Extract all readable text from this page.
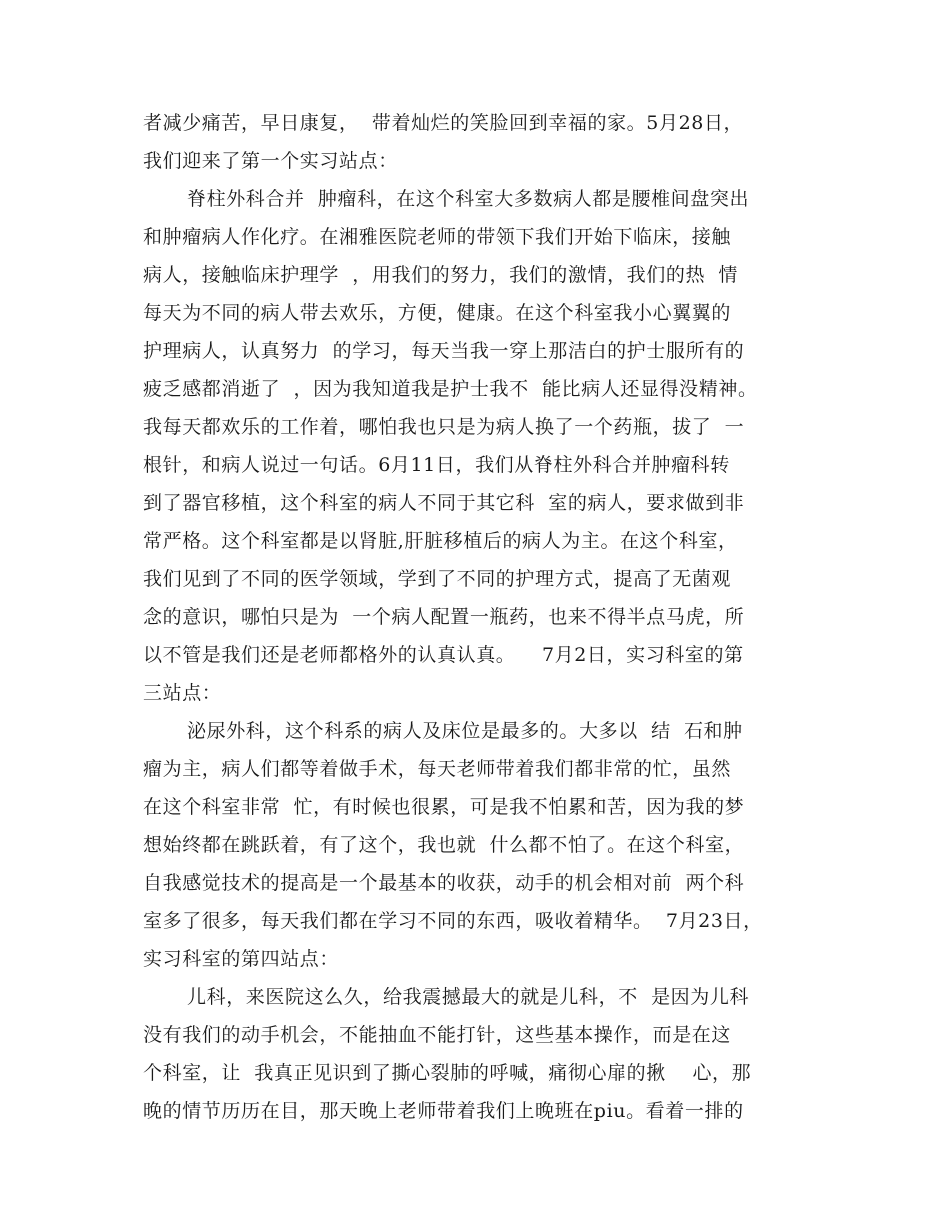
者减少痛苦，早日康复，  带着灿烂的笑脸回到幸福的家。5月28日，
我们迎来了第一个实习站点：
脊柱外科合并  肿瘤科，在这个科室大多数病人都是腰椎间盘突出
和肿瘤病人作化疗。在湘雅医院老师的带领下我们开始下临床，接触
病人，接触临床护理学  ，用我们的努力，我们的激情，我们的热  情
每天为不同的病人带去欢乐，方便，健康。在这个科室我小心翼翼的
护理病人，认真努力  的学习，每天当我一穿上那洁白的护士服所有的
疲乏感都消逝了  ，因为我知道我是护士我不  能比病人还显得没精神。
我每天都欢乐的工作着，哪怕我也只是为病人换了一个药瓶，拔了  一
根针，和病人说过一句话。6月11日，我们从脊柱外科合并肿瘤科转
到了器官移植，这个科室的病人不同于其它科  室的病人，要求做到非
常严格。这个科室都是以肾脏,肝脏移植后的病人为主。在这个科室，
我们见到了不同的医学领域，学到了不同的护理方式，提高了无菌观
念的意识，哪怕只是为  一个病人配置一瓶药，也来不得半点马虎，所
以不管是我们还是老师都格外的认真认真。    7月2日，实习科室的第
三站点：
泌尿外科，这个科系的病人及床位是最多的。大多以  结  石和肿
瘤为主，病人们都等着做手术，每天老师带着我们都非常的忙，虽然
在这个科室非常  忙，有时候也很累，可是我不怕累和苦，因为我的梦
想始终都在跳跃着，有了这个，我也就  什么都不怕了。在这个科室，
自我感觉技术的提高是一个最基本的收获，动手的机会相对前  两个科
室多了很多，每天我们都在学习不同的东西，吸收着精华。  7月23日，
实习科室的第四站点：
儿科，来医院这么久，给我震撼最大的就是儿科，不  是因为儿科
没有我们的动手机会，不能抽血不能打针，这些基本操作，而是在这
个科室，让  我真正见识到了撕心裂肺的呼喊，痛彻心扉的揪    心，那
晚的情节历历在目，那天晚上老师带着我们上晚班在piu。看着一排的
